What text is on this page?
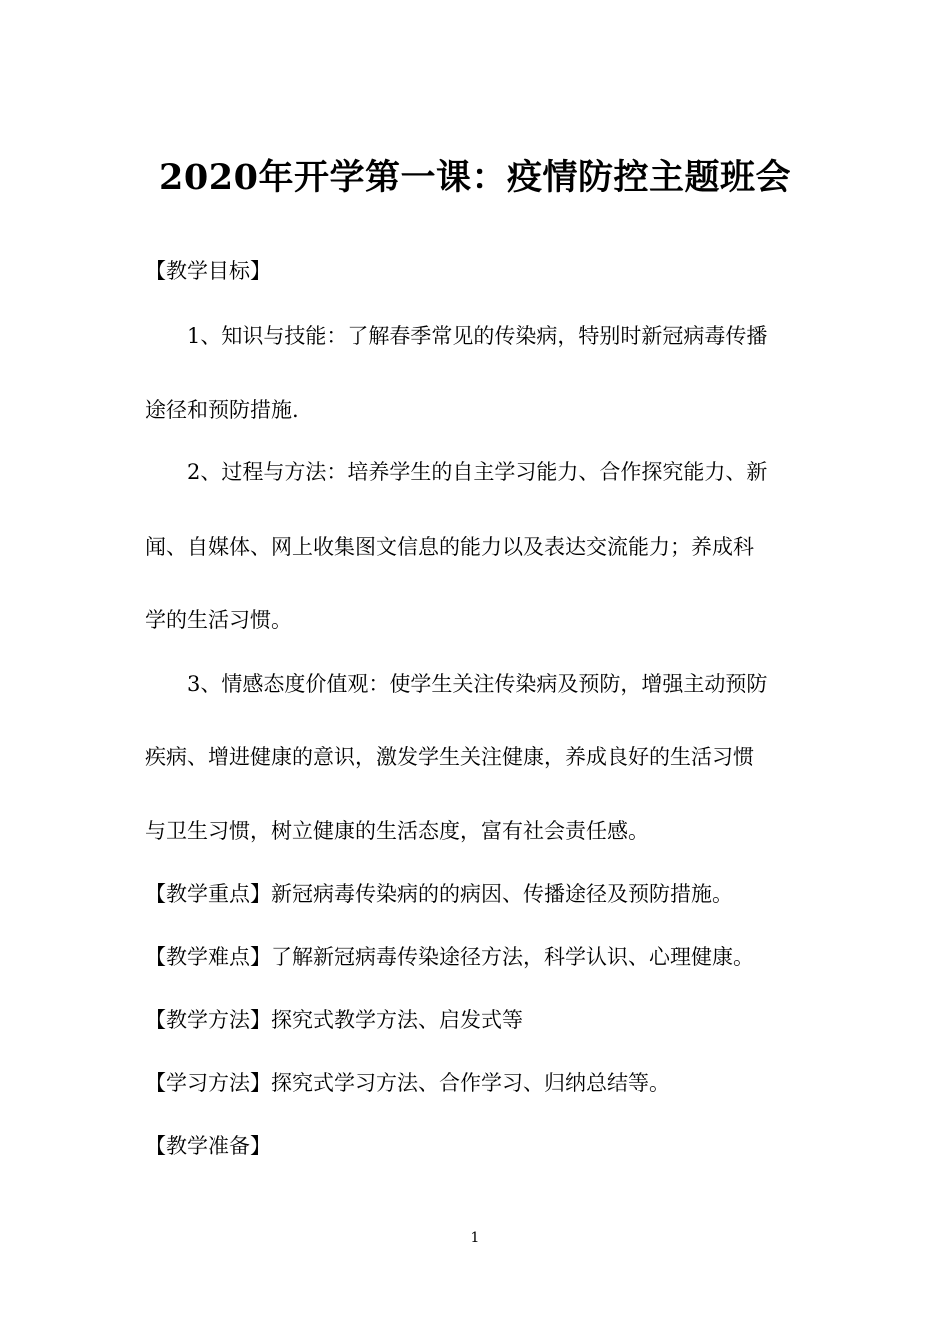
2020年开学第一课：疫情防控主题班会
【教学目标】
1、知识与技能：了解春季常见的传染病，特别时新冠病毒传播
途径和预防措施.
2、过程与方法：培养学生的自主学习能力、合作探究能力、新
闻、自媒体、网上收集图文信息的能力以及表达交流能力；养成科
学的生活习惯。
3、情感态度价值观：使学生关注传染病及预防，增强主动预防
疾病、增进健康的意识，激发学生关注健康，养成良好的生活习惯
与卫生习惯，树立健康的生活态度，富有社会责任感。
【教学重点】新冠病毒传染病的的病因、传播途径及预防措施。
【教学难点】了解新冠病毒传染途径方法，科学认识、心理健康。
【教学方法】探究式教学方法、启发式等
【学习方法】探究式学习方法、合作学习、归纳总结等。
【教学准备】
1
